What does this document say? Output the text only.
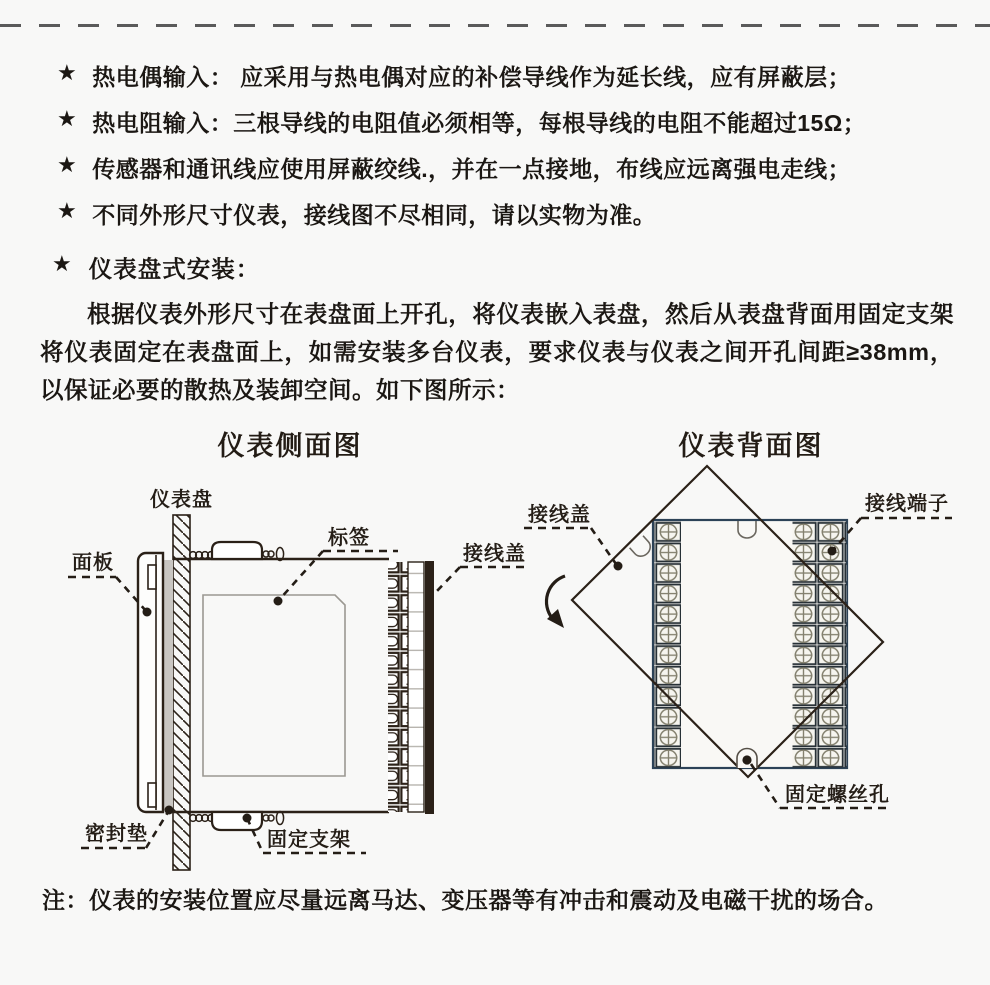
★ 热电偶输入： 应采用与热电偶对应的补偿导线作为延长线，应有屏蔽层；
★ 热电阻输入：三根导线的电阻值必须相等，每根导线的电阻不能超过15Ω；
★ 传感器和通讯线应使用屏蔽绞线.，并在一点接地，布线应远离强电走线；
★ 不同外形尺寸仪表，接线图不尽相同，请以实物为准。
★ 仪表盘式安装：
根据仪表外形尺寸在表盘面上开孔，将仪表嵌入表盘，然后从表盘背面用固定支架将仪表固定在表盘面上，如需安装多台仪表，要求仪表与仪表之间开孔间距≥38mm，以保证必要的散热及装卸空间。如下图所示：
仪表侧面图	仪表背面图
仪表盘
面板
标签
接线盖
密封垫	固定支架
接线盖	接线端子
固定螺丝孔
注：仪表的安装位置应尽量远离马达、变压器等有冲击和震动及电磁干扰的场合。
